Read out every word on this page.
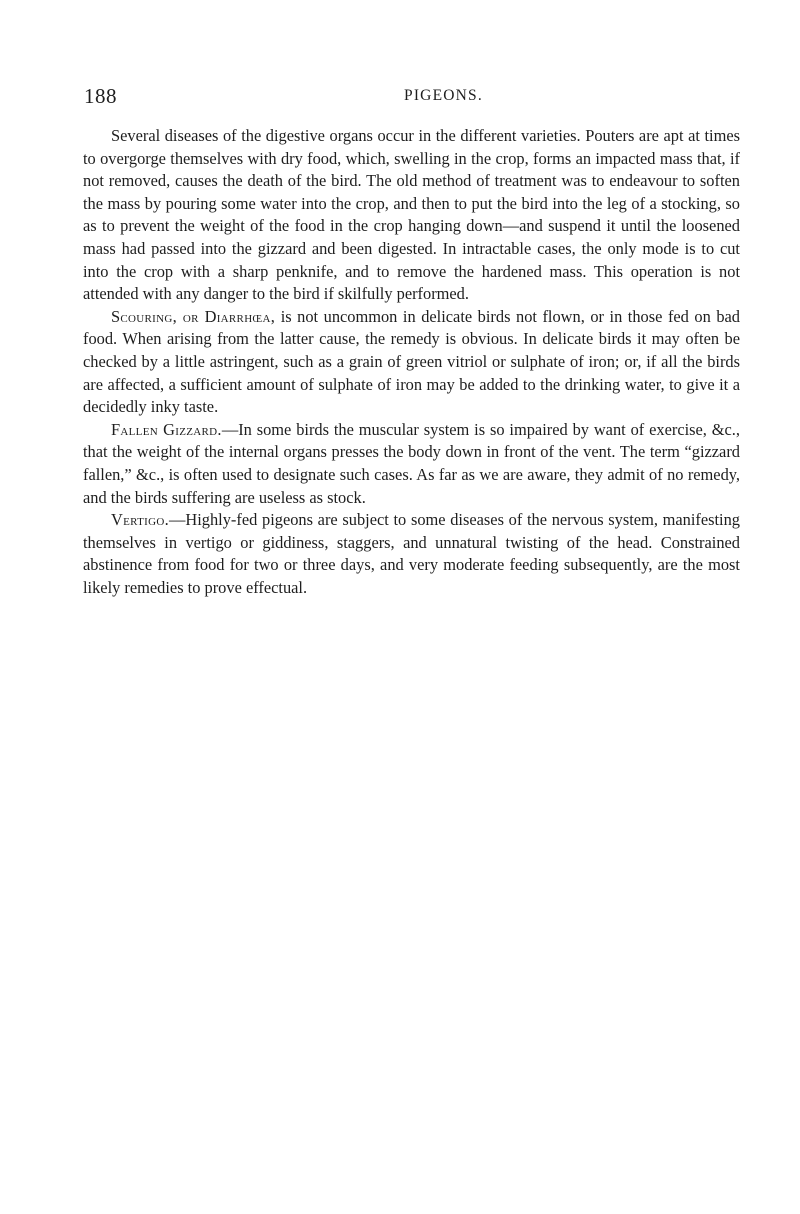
188	PIGEONS.

Several diseases of the digestive organs occur in the different varieties. Pouters are apt at times to overgorge themselves with dry food, which, swelling in the crop, forms an impacted mass that, if not removed, causes the death of the bird. The old method of treatment was to endeavour to soften the mass by pouring some water into the crop, and then to put the bird into the leg of a stocking, so as to prevent the weight of the food in the crop hanging down—and suspend it until the loosened mass had passed into the gizzard and been digested. In intractable cases, the only mode is to cut into the crop with a sharp penknife, and to remove the hardened mass. This operation is not attended with any danger to the bird if skilfully performed.

Scouring, or Diarrhœa, is not uncommon in delicate birds not flown, or in those fed on bad food. When arising from the latter cause, the remedy is obvious. In delicate birds it may often be checked by a little astringent, such as a grain of green vitriol or sulphate of iron; or, if all the birds are affected, a sufficient amount of sulphate of iron may be added to the drinking water, to give it a decidedly inky taste.

Fallen Gizzard.—In some birds the muscular system is so impaired by want of exercise, &c., that the weight of the internal organs presses the body down in front of the vent. The term “gizzard fallen,” &c., is often used to designate such cases. As far as we are aware, they admit of no remedy, and the birds suffering are useless as stock.

Vertigo.—Highly-fed pigeons are subject to some diseases of the nervous system, manifesting themselves in vertigo or giddiness, staggers, and unnatural twisting of the head. Constrained abstinence from food for two or three days, and very moderate feeding subsequently, are the most likely remedies to prove effectual.
